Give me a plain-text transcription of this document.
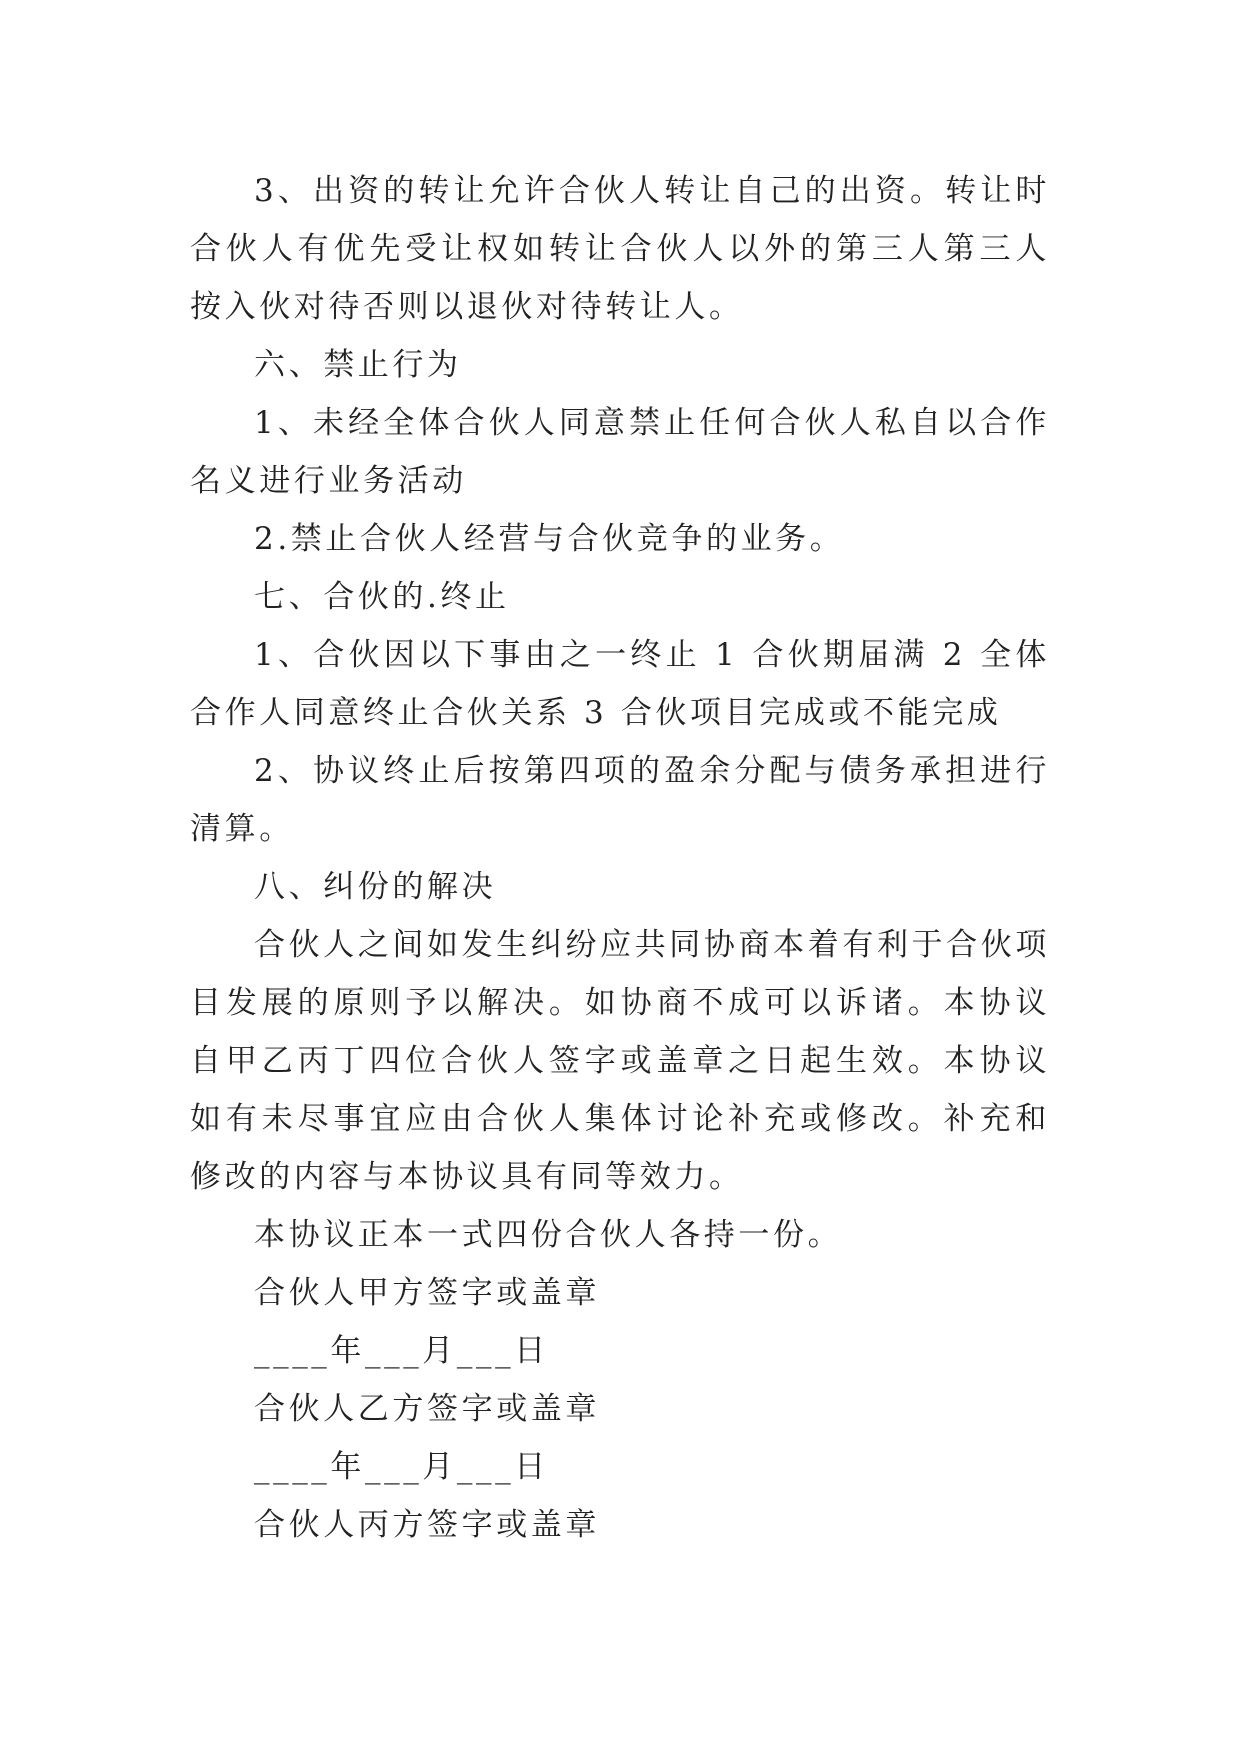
3、出资的转让允许合伙人转让自己的出资。转让时合伙人有优先受让权如转让合伙人以外的第三人第三人按入伙对待否则以退伙对待转让人。

六、禁止行为

1、未经全体合伙人同意禁止任何合伙人私自以合作名义进行业务活动

2.禁止合伙人经营与合伙竞争的业务。

七、合伙的.终止

1、合伙因以下事由之一终止 1 合伙期届满 2 全体合作人同意终止合伙关系 3 合伙项目完成或不能完成

2、协议终止后按第四项的盈余分配与债务承担进行清算。

八、纠份的解决

合伙人之间如发生纠纷应共同协商本着有利于合伙项目发展的原则予以解决。如协商不成可以诉诸。本协议自甲乙丙丁四位合伙人签字或盖章之日起生效。本协议如有未尽事宜应由合伙人集体讨论补充或修改。补充和修改的内容与本协议具有同等效力。

本协议正本一式四份合伙人各持一份。

合伙人甲方签字或盖章

____年___月___日

合伙人乙方签字或盖章

____年___月___日

合伙人丙方签字或盖章
